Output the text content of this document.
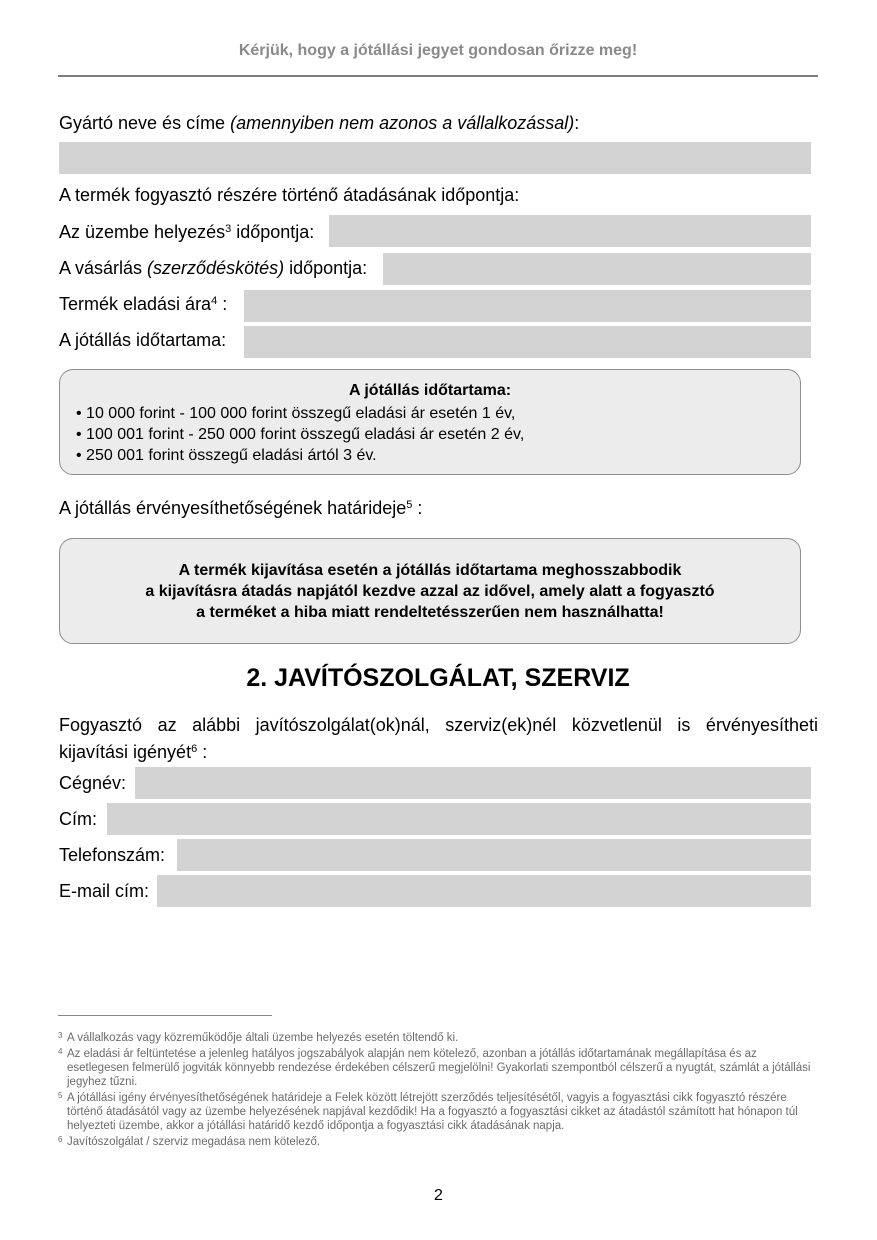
Kérjük, hogy a jótállási jegyet gondosan őrizze meg!
Gyártó neve és címe (amennyiben nem azonos a vállalkozással):
A termék fogyasztó részére történő átadásának időpontja:
Az üzembe helyezés$^3$ időpontja:
A vásárlás (szerződéskötés) időpontja:
Termék eladási ára$^4$ :
A jótállás időtartama:
A jótállás időtartama:
• 10 000 forint - 100 000 forint összegű eladási ár esetén 1 év,
• 100 001 forint - 250 000 forint összegű eladási ár esetén 2 év,
• 250 001 forint összegű eladási ártól 3 év.
A jótállás érvényesíthetőségének határideje$^5$ :
A termék kijavítása esetén a jótállás időtartama meghosszabbodik
a kijavításra átadás napjától kezdve azzal az idővel, amely alatt a fogyasztó
a terméket a hiba miatt rendeltetésszerűen nem használhatta!
2. JAVÍTÓSZOLGÁLAT, SZERVIZ
Fogyasztó az alábbi javítószolgálat(ok)nál, szerviz(ek)nél közvetlenül is érvényesítheti kijavítási igényét$^6$ :
Cégnév:
Cím:
Telefonszám:
E-mail cím:
3 A vállalkozás vagy közreműködője általi üzembe helyezés esetén töltendő ki.
4 Az eladási ár feltüntetése a jelenleg hatályos jogszabályok alapján nem kötelező, azonban a jótállás időtartamának megállapítása és az esetlegesen felmerülő jogviták könnyebb rendezése érdekében célszerű megjelölni! Gyakorlati szempontból célszerű a nyugtát, számlát a jótállási jegyhez tűzni.
5 A jótállási igény érvényesíthetőségének határideje a Felek között létrejött szerződés teljesítésétől, vagyis a fogyasztási cikk fogyasztó részére történő átadásától vagy az üzembe helyezésének napjával kezdődik! Ha a fogyasztó a fogyasztási cikket az átadástól számított hat hónapon túl helyezteti üzembe, akkor a jótállási határidő kezdő időpontja a fogyasztási cikk átadásának napja.
6 Javítószolgálat / szerviz megadása nem kötelező.
2
